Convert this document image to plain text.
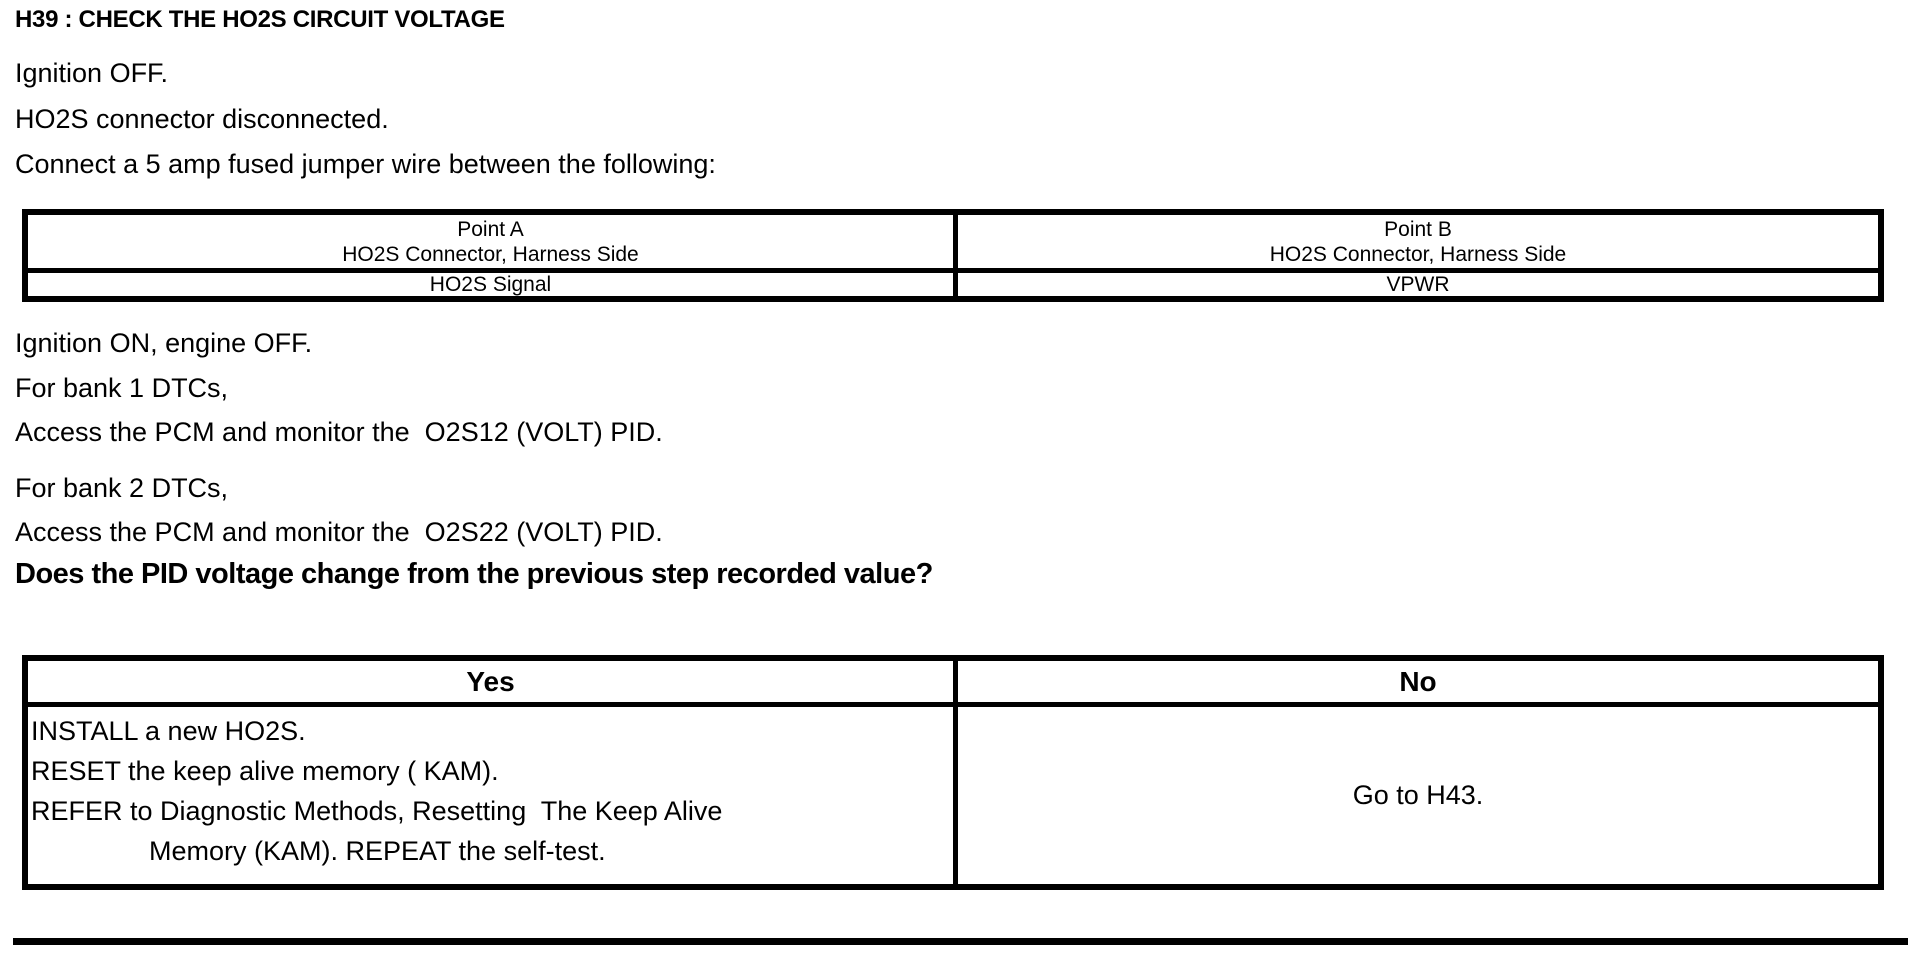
H39 : CHECK THE HO2S CIRCUIT VOLTAGE
Ignition OFF.
HO2S connector disconnected.
Connect a 5 amp fused jumper wire between the following:
Point A
HO2S Connector, Harness Side
Point B
HO2S Connector, Harness Side
HO2S Signal	VPWR
Ignition ON, engine OFF.
For bank 1 DTCs,
Access the PCM and monitor the  O2S12 (VOLT) PID.
For bank 2 DTCs,
Access the PCM and monitor the  O2S22 (VOLT) PID.
Does the PID voltage change from the previous step recorded value?
Yes	No
INSTALL a new HO2S.
RESET the keep alive memory ( KAM).
REFER to Diagnostic Methods, Resetting  The Keep Alive
Memory (KAM). REPEAT the self-test.
Go to H43.
